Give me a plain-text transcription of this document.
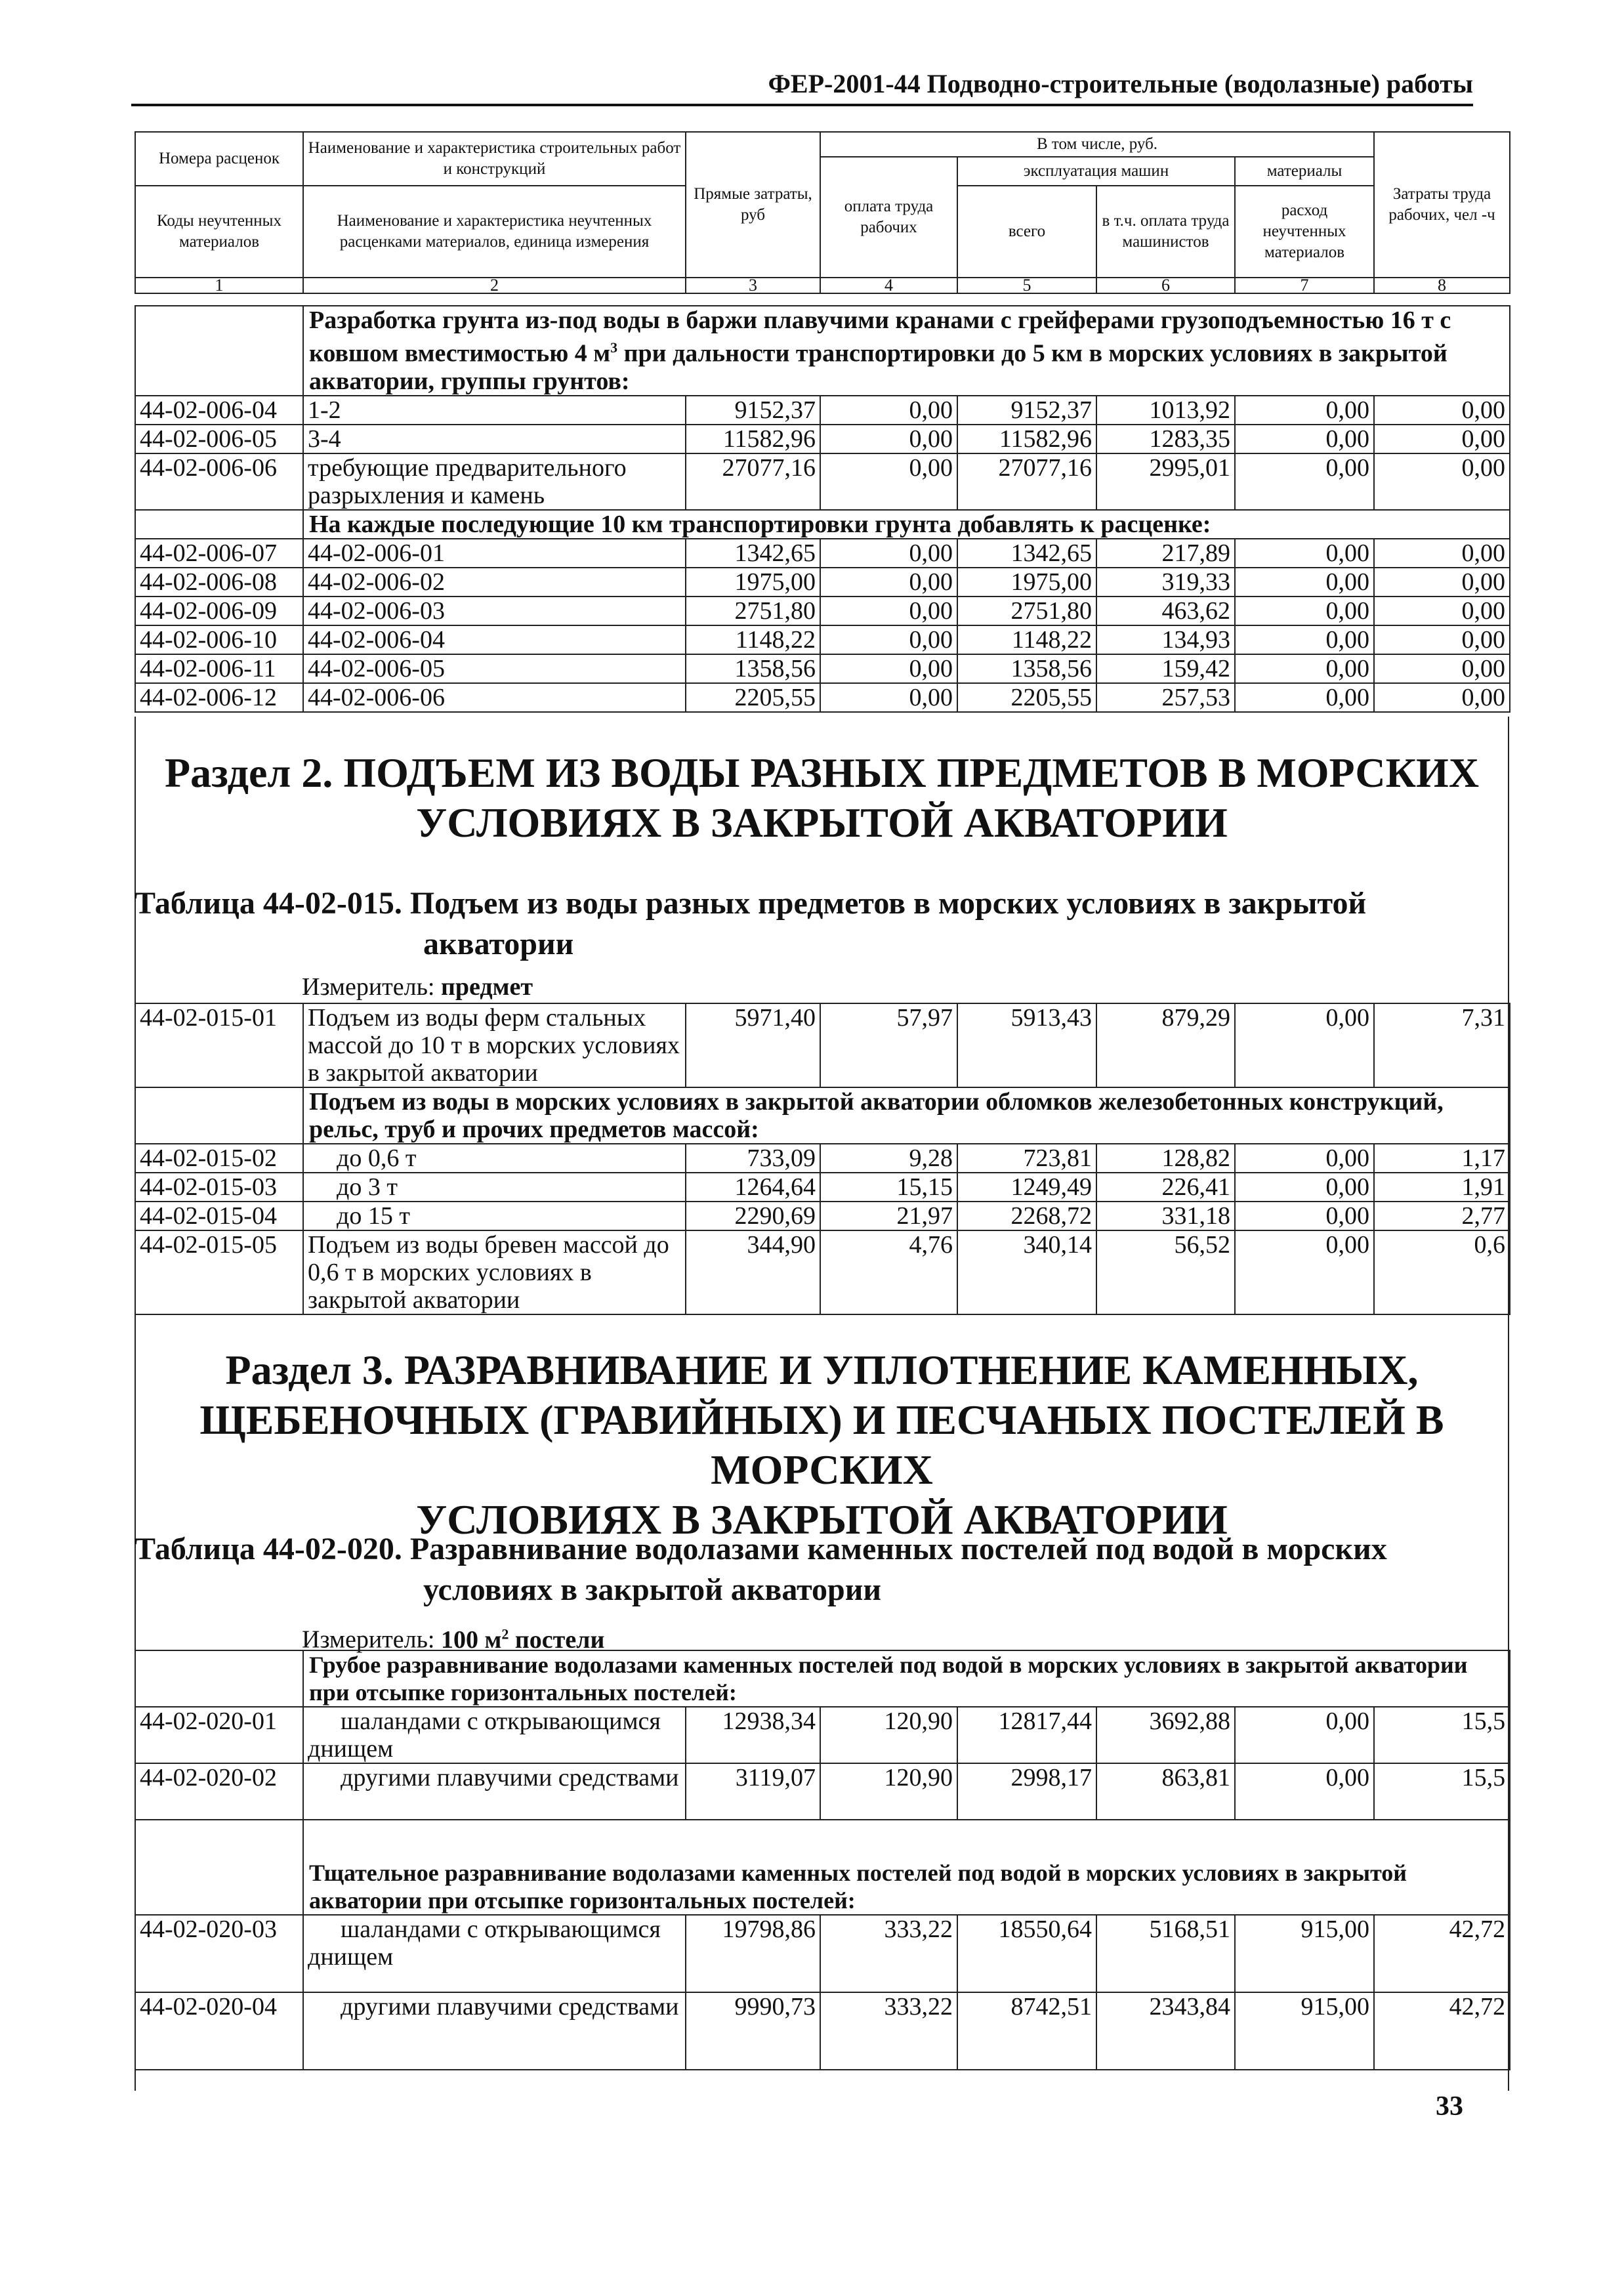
ФЕР-2001-44 Подводно-строительные (водолазные) работы
Номера расценок	Наименование и характеристика строительных работ и конструкций	Прямые затраты, руб	В том числе, руб.				Затраты труда рабочих, чел -ч
			оплата труда рабочих	эксплуатация машин		материалы	
Коды неучтенных материалов	Наименование и характеристика неучтенных расценками материалов, единица измерения			всего	в т.ч. оплата труда машинистов	расход неучтенных материалов	

1	2	3	4	5	6	7	8
	Разработка грунта из-под воды в баржи плавучими кранами с грейферами грузоподъемностью 16 т с ковшом вместимостью 4 $м^3$ при дальности транспортировки до 5 км в морских условиях в закрытой акватории, группы грунтов:						
44-02-006-04	1-2	9152,37	0,00	9152,37	1013,92	0,00	0,00
44-02-006-05	3-4	11582,96	0,00	11582,96	1283,35	0,00	0,00
44-02-006-06	требующие предварительного разрыхления и камень	27077,16	0,00	27077,16	2995,01	0,00	0,00
	На каждые последующие 10 км транспортировки грунта добавлять к расценке:						
44-02-006-07	44-02-006-01	1342,65	0,00	1342,65	217,89	0,00	0,00
44-02-006-08	44-02-006-02	1975,00	0,00	1975,00	319,33	0,00	0,00
44-02-006-09	44-02-006-03	2751,80	0,00	2751,80	463,62	0,00	0,00
44-02-006-10	44-02-006-04	1148,22	0,00	1148,22	134,93	0,00	0,00
44-02-006-11	44-02-006-05	1358,56	0,00	1358,56	159,42	0,00	0,00
44-02-006-12	44-02-006-06	2205,55	0,00	2205,55	257,53	0,00	0,00
Раздел 2. ПОДЪЕМ ИЗ ВОДЫ РАЗНЫХ ПРЕДМЕТОВ В МОРСКИХ
УСЛОВИЯХ В ЗАКРЫТОЙ АКВАТОРИИ
Таблица 44-02-015. Подъем из воды разных предметов в морских условиях в закрытой
акватории
Измеритель: предмет
44-02-015-01	Подъем из воды ферм стальных массой до 10 т в морских условиях в закрытой акватории	5971,40	57,97	5913,43	879,29	0,00	7,31
	Подъем из воды в морских условиях в закрытой акватории обломков железобетонных конструкций, рельс, труб и прочих предметов массой:						
44-02-015-02	до 0,6 т	733,09	9,28	723,81	128,82	0,00	1,17
44-02-015-03	до 3 т	1264,64	15,15	1249,49	226,41	0,00	1,91
44-02-015-04	до 15 т	2290,69	21,97	2268,72	331,18	0,00	2,77
44-02-015-05	Подъем из воды бревен массой до 0,6 т в морских условиях в закрытой акватории	344,90	4,76	340,14	56,52	0,00	0,6
Раздел 3. РАЗРАВНИВАНИЕ И УПЛОТНЕНИЕ КАМЕННЫХ,
ЩЕБЕНОЧНЫХ (ГРАВИЙНЫХ) И ПЕСЧАНЫХ ПОСТЕЛЕЙ В МОРСКИХ
УСЛОВИЯХ В ЗАКРЫТОЙ АКВАТОРИИ
Таблица 44-02-020. Разравнивание водолазами каменных постелей под водой в морских
условиях в закрытой акватории
Измеритель: 100 $м^2$ постели
	Грубое разравнивание водолазами каменных постелей под водой в морских условиях в закрытой акватории при отсыпке горизонтальных постелей:						
44-02-020-01	шаландами с открывающимся днищем	12938,34	120,90	12817,44	3692,88	0,00	15,5
44-02-020-02	другими плавучими средствами	3119,07	120,90	2998,17	863,81	0,00	15,5

	Тщательное разравнивание водолазами каменных постелей под водой в морских условиях в закрытой акватории при отсыпке горизонтальных постелей:						
44-02-020-03	шаландами с открывающимся днищем	19798,86	333,22	18550,64	5168,51	915,00	42,72
44-02-020-04	другими плавучими средствами	9990,73	333,22	8742,51	2343,84	915,00	42,72
33
